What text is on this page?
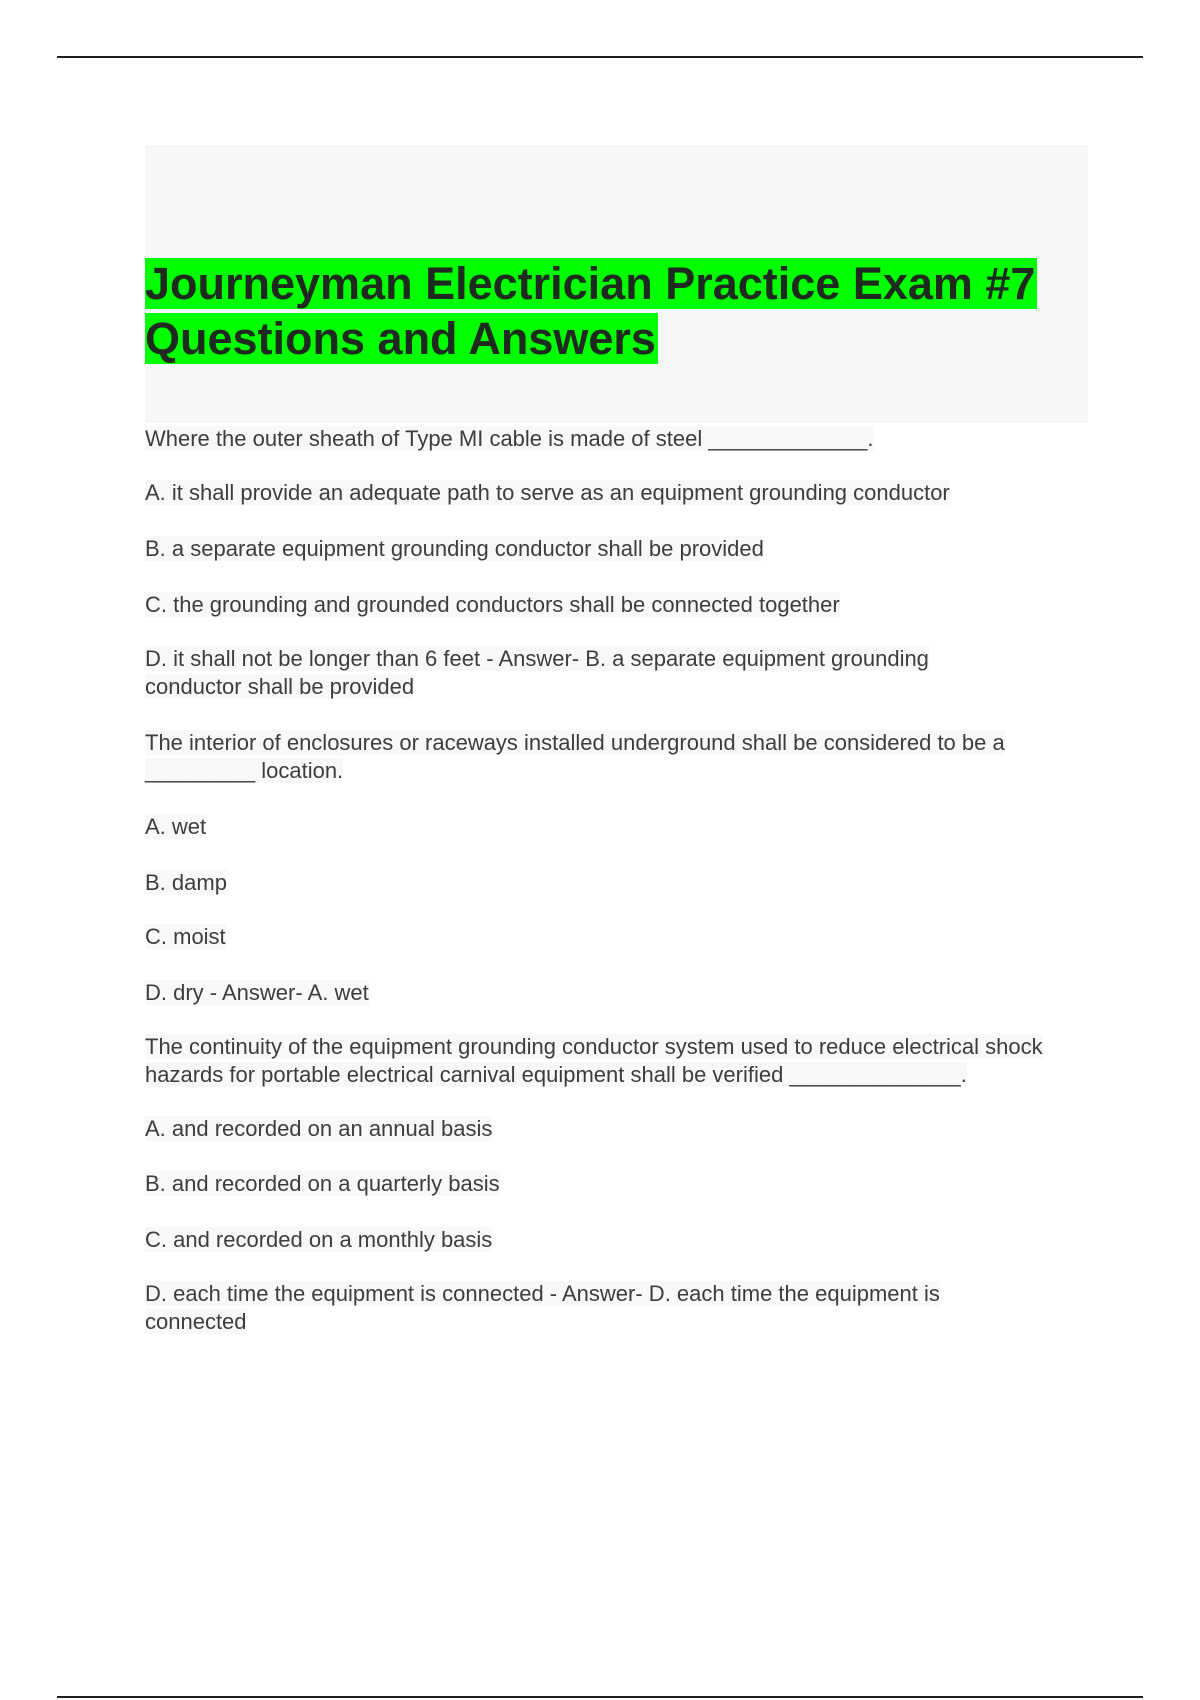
Journeyman Electrician Practice Exam #7 Questions and Answers

Where the outer sheath of Type MI cable is made of steel _____________.

A. it shall provide an adequate path to serve as an equipment grounding conductor

B. a separate equipment grounding conductor shall be provided

C. the grounding and grounded conductors shall be connected together

D. it shall not be longer than 6 feet - Answer- B. a separate equipment grounding conductor shall be provided

The interior of enclosures or raceways installed underground shall be considered to be a _________ location.

A. wet

B. damp

C. moist

D. dry - Answer- A. wet

The continuity of the equipment grounding conductor system used to reduce electrical shock hazards for portable electrical carnival equipment shall be verified ______________.

A. and recorded on an annual basis

B. and recorded on a quarterly basis

C. and recorded on a monthly basis

D. each time the equipment is connected - Answer- D. each time the equipment is connected
